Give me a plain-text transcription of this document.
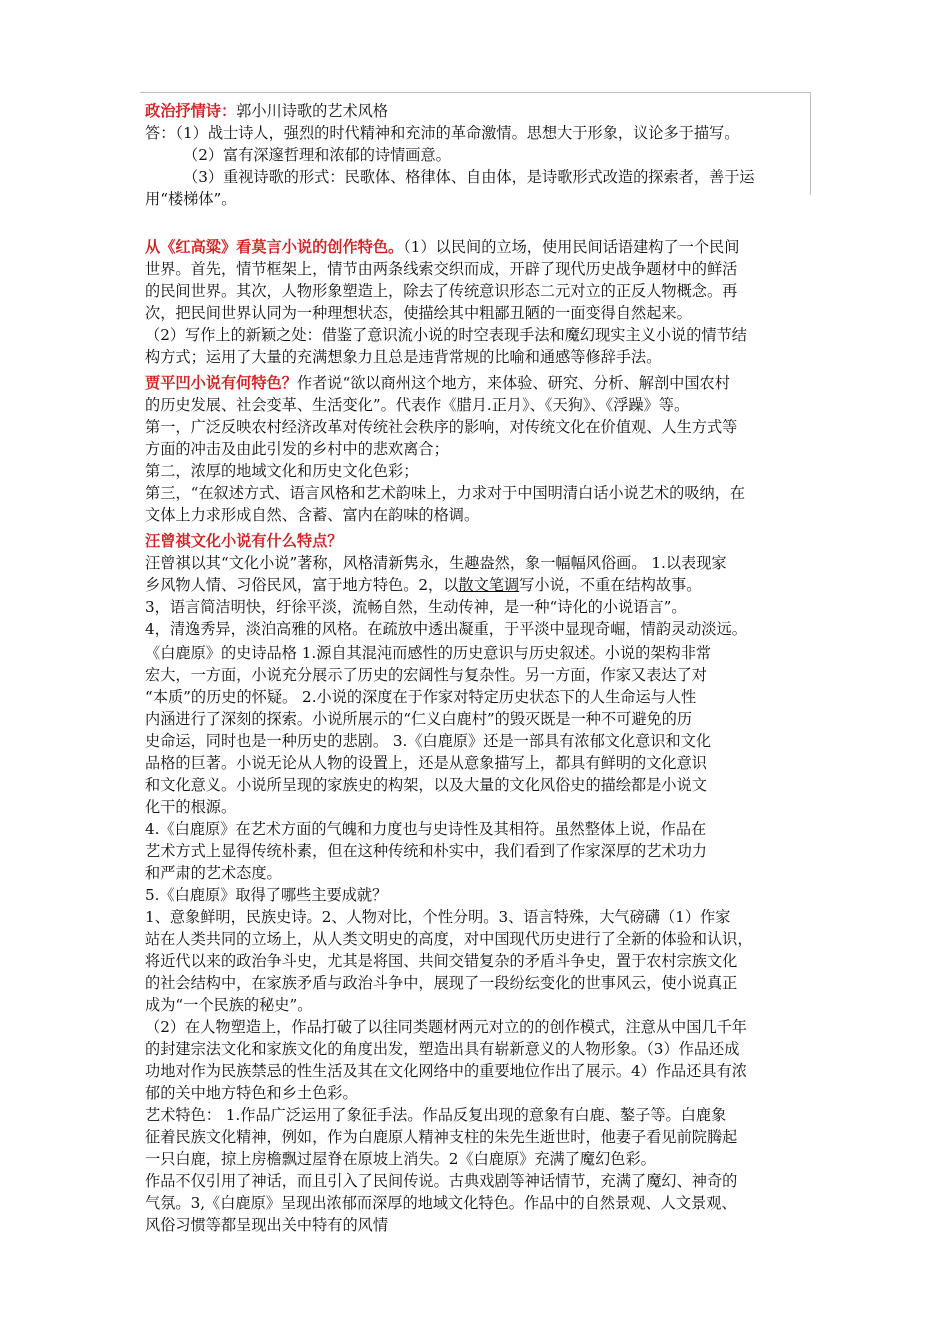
政治抒情诗：郭小川诗歌的艺术风格
答：（1）战士诗人，强烈的时代精神和充沛的革命激情。思想大于形象，议论多于描写。
（2）富有深邃哲理和浓郁的诗情画意。
（3）重视诗歌的形式：民歌体、格律体、自由体，是诗歌形式改造的探索者，善于运
用“楼梯体”。
从《红高粱》看莫言小说的创作特色。（1）以民间的立场，使用民间话语建构了一个民间
世界。首先，情节框架上，情节由两条线索交织而成，开辟了现代历史战争题材中的鲜活
的民间世界。其次，人物形象塑造上，除去了传统意识形态二元对立的正反人物概念。再
次，把民间世界认同为一种理想状态，使描绘其中粗鄙丑陋的一面变得自然起来。
（2）写作上的新颖之处：借鉴了意识流小说的时空表现手法和魔幻现实主义小说的情节结
构方式；运用了大量的充满想象力且总是违背常规的比喻和通感等修辞手法。
贾平凹小说有何特色？作者说“欲以商州这个地方，来体验、研究、分析、解剖中国农村
的历史发展、社会变革、生活变化”。代表作《腊月.正月》、《天狗》、《浮躁》等。
第一，广泛反映农村经济改革对传统社会秩序的影响，对传统文化在价值观、人生方式等
方面的冲击及由此引发的乡村中的悲欢离合；
第二，浓厚的地域文化和历史文化色彩；
第三，“在叙述方式、语言风格和艺术韵味上，力求对于中国明清白话小说艺术的吸纳，在
文体上力求形成自然、含蓄、富内在韵味的格调。
汪曾祺文化小说有什么特点？
汪曾祺以其“文化小说”著称，风格清新隽永，生趣盎然，象一幅幅风俗画。 1.以表现家
乡风物人情、习俗民风，富于地方特色。2，以散文笔调写小说，不重在结构故事。
3，语言简洁明快，纡徐平淡，流畅自然，生动传神，是一种“诗化的小说语言”。
4，清逸秀异，淡泊高雅的风格。在疏放中透出凝重，于平淡中显现奇崛，情韵灵动淡远。
《白鹿原》的史诗品格 1.源自其混沌而感性的历史意识与历史叙述。小说的架构非常
宏大，一方面，小说充分展示了历史的宏阔性与复杂性。另一方面，作家又表达了对
“本质”的历史的怀疑。 2.小说的深度在于作家对特定历史状态下的人生命运与人性
内涵进行了深刻的探索。小说所展示的“仁义白鹿村”的毁灭既是一种不可避免的历
史命运，同时也是一种历史的悲剧。 3.《白鹿原》还是一部具有浓郁文化意识和文化
品格的巨著。小说无论从人物的设置上，还是从意象描写上，都具有鲜明的文化意识
和文化意义。小说所呈现的家族史的构架，以及大量的文化风俗史的描绘都是小说文
化干的根源。
4.《白鹿原》在艺术方面的气魄和力度也与史诗性及其相符。虽然整体上说，作品在
艺术方式上显得传统朴素，但在这种传统和朴实中，我们看到了作家深厚的艺术功力
和严肃的艺术态度。
5.《白鹿原》取得了哪些主要成就？
1、意象鲜明，民族史诗。2、人物对比，个性分明。3、语言特殊，大气磅礴（1）作家
站在人类共同的立场上，从人类文明史的高度，对中国现代历史进行了全新的体验和认识，
将近代以来的政治争斗史，尤其是将国、共间交错复杂的矛盾斗争史，置于农村宗族文化
的社会结构中，在家族矛盾与政治斗争中，展现了一段纷纭变化的世事风云，使小说真正
成为“一个民族的秘史”。
（2）在人物塑造上，作品打破了以往同类题材两元对立的的创作模式，注意从中国几千年
的封建宗法文化和家族文化的角度出发，塑造出具有崭新意义的人物形象。（3）作品还成
功地对作为民族禁忌的性生活及其在文化网络中的重要地位作出了展示。4）作品还具有浓
郁的关中地方特色和乡土色彩。
艺术特色： 1.作品广泛运用了象征手法。作品反复出现的意象有白鹿、鏊子等。白鹿象
征着民族文化精神，例如，作为白鹿原人精神支柱的朱先生逝世时，他妻子看见前院腾起
一只白鹿，掠上房檐飘过屋脊在原坡上消失。2《白鹿原》充满了魔幻色彩。
作品不仅引用了神话，而且引入了民间传说。古典戏剧等神话情节，充满了魔幻、神奇的
气氛。3,《白鹿原》呈现出浓郁而深厚的地域文化特色。作品中的自然景观、人文景观、
风俗习惯等都呈现出关中特有的风情
